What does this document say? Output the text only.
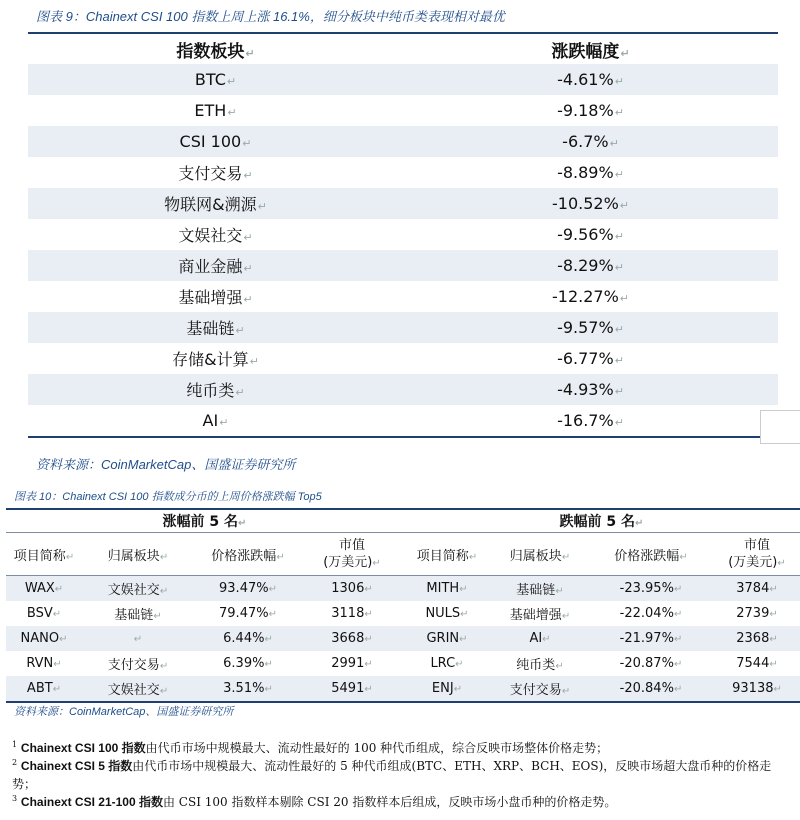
图表 9：Chainext CSI 100 指数上周上涨 16.1%，细分板块中纯币类表现相对最优
指数板块↵	涨跌幅度↵
BTC↵	-4.61%↵
ETH↵	-9.18%↵
CSI 100↵	-6.7%↵
支付交易↵	-8.89%↵
物联网&溯源↵	-10.52%↵
文娱社交↵	-9.56%↵
商业金融↵	-8.29%↵
基础增强↵	-12.27%↵
基础链↵	-9.57%↵
存储&计算↵	-6.77%↵
纯币类↵	-4.93%↵
AI↵	-16.7%↵
资料来源：CoinMarketCap、国盛证券研究所
图表 10：Chainext CSI 100 指数成分币的上周价格涨跌幅 Top5
涨幅前 5 名↵	跌幅前 5 名↵
项目简称↵	归属板块↵	价格涨跌幅↵
市值
(万美元)↵	项目简称↵	归属板块↵	价格涨跌幅↵
市值
(万美元)↵
WAX↵	文娱社交↵	93.47%↵	1306↵	MITH↵	基础链↵	-23.95%↵	3784↵
BSV↵	基础链↵	79.47%↵	3118↵	NULS↵	基础增强↵	-22.04%↵	2739↵
NANO↵	↵	6.44%↵	3668↵	GRIN↵	AI↵	-21.97%↵	2368↵
RVN↵	支付交易↵	6.39%↵	2991↵	LRC↵	纯币类↵	-20.87%↵	7544↵
ABT↵	文娱社交↵	3.51%↵	5491↵	ENJ↵	支付交易↵	-20.84%↵	93138↵
资料来源：CoinMarketCap、国盛证券研究所
$^1$ Chainext CSI 100 指数由代币市场中规模最大、流动性最好的 100 种代币组成，综合反映市场整体价格走势；
$^2$ Chainext CSI 5 指数由代币市场中规模最大、流动性最好的 5 种代币组成(BTC、ETH、XRP、BCH、EOS)，反映市场超大盘币种的价格走势；
$^3$ Chainext CSI 21-100 指数由 CSI 100 指数样本剔除 CSI 20 指数样本后组成，反映市场小盘币种的价格走势。
